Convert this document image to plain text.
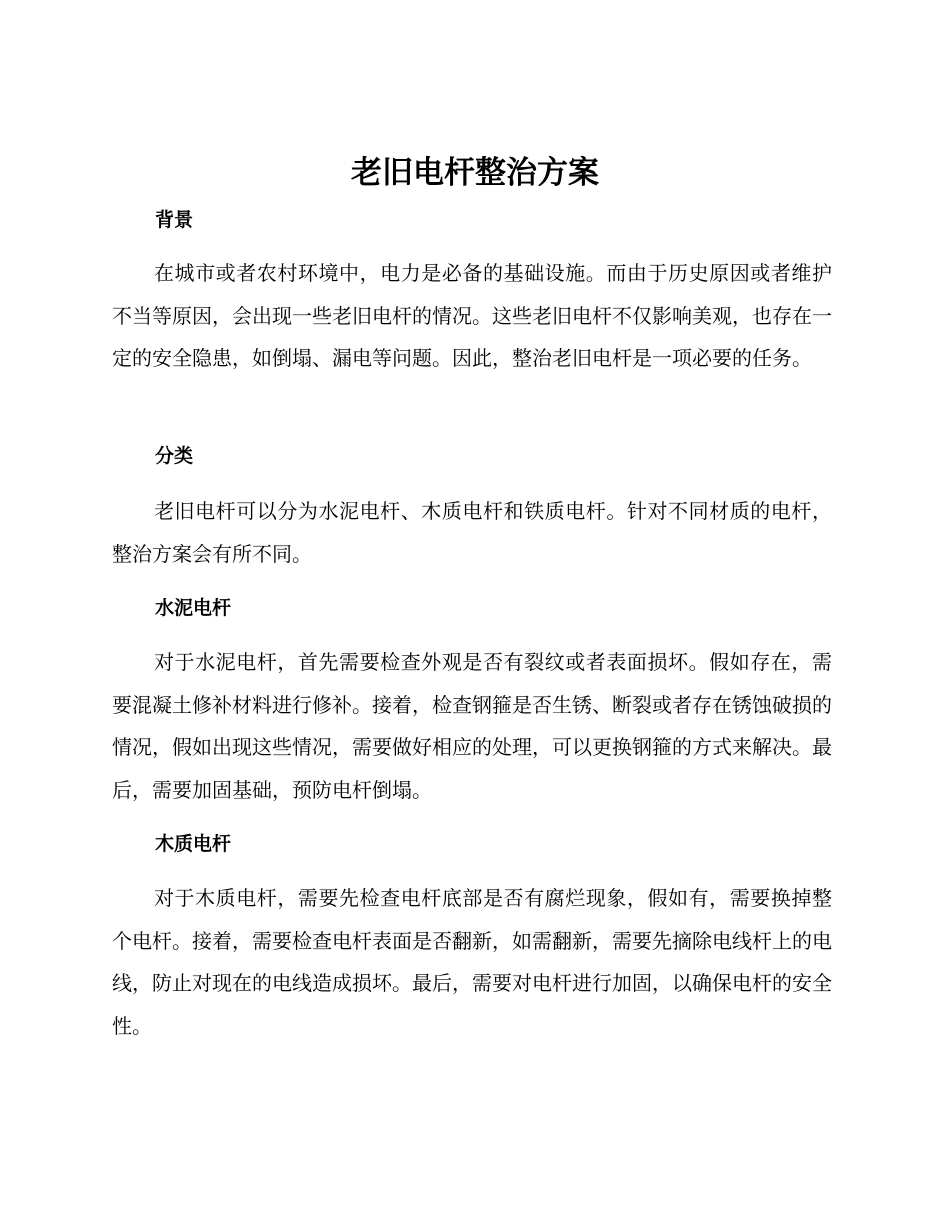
老旧电杆整治方案
背景

在城市或者农村环境中，电力是必备的基础设施。而由于历史原因或者维护不当等原因，会出现一些老旧电杆的情况。这些老旧电杆不仅影响美观，也存在一定的安全隐患，如倒塌、漏电等问题。因此，整治老旧电杆是一项必要的任务。

分类

老旧电杆可以分为水泥电杆、木质电杆和铁质电杆。针对不同材质的电杆，整治方案会有所不同。

水泥电杆

对于水泥电杆，首先需要检查外观是否有裂纹或者表面损坏。假如存在，需要混凝土修补材料进行修补。接着，检查钢箍是否生锈、断裂或者存在锈蚀破损的情况，假如出现这些情况，需要做好相应的处理，可以更换钢箍的方式来解决。最后，需要加固基础，预防电杆倒塌。

木质电杆

对于木质电杆，需要先检查电杆底部是否有腐烂现象，假如有，需要换掉整个电杆。接着，需要检查电杆表面是否翻新，如需翻新，需要先摘除电线杆上的电线，防止对现在的电线造成损坏。最后，需要对电杆进行加固，以确保电杆的安全性。
